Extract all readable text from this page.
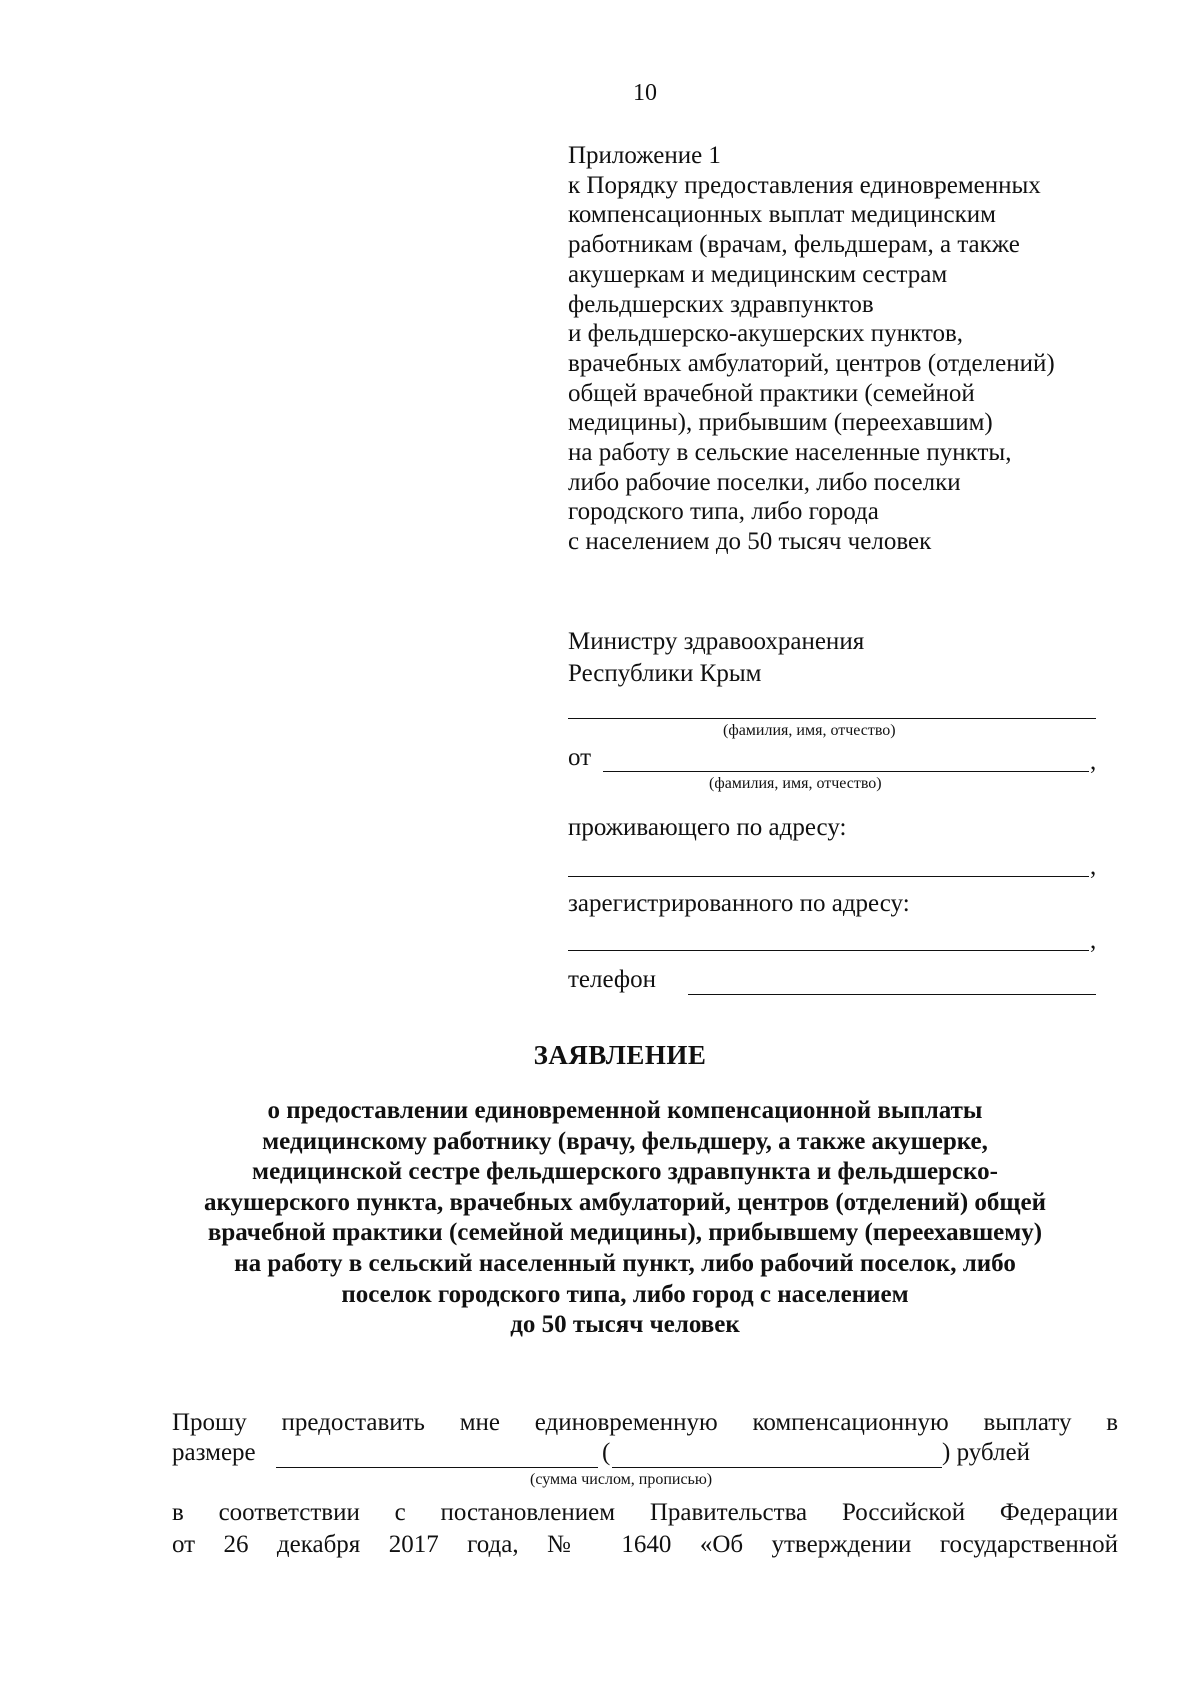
10
Приложение 1
к Порядку предоставления единовременных
компенсационных выплат медицинским
работникам (врачам, фельдшерам, а также
акушеркам и медицинским сестрам
фельдшерских здравпунктов
и фельдшерско-акушерских пунктов,
врачебных амбулаторий, центров (отделений)
общей врачебной практики (семейной
медицины), прибывшим (переехавшим)
на работу в сельские населенные пункты,
либо рабочие поселки, либо поселки
городского типа, либо города
с населением до 50 тысяч человек
Министру здравоохранения
Республики Крым
(фамилия, имя, отчество)
от	,
(фамилия, имя, отчество)
проживающего по адресу:
,
зарегистрированного по адресу:
,
телефон
ЗАЯВЛЕНИЕ
о предоставлении единовременной компенсационной выплаты
медицинскому работнику (врачу, фельдшеру, а также акушерке,
медицинской сестре фельдшерского здравпункта и фельдшерско-
акушерского пункта, врачебных амбулаторий, центров (отделений) общей
врачебной практики (семейной медицины), прибывшему (переехавшему)
на работу в сельский населенный пункт, либо рабочий поселок, либо
поселок городского типа, либо город с населением
до 50 тысяч человек
Прошу предоставить мне единовременную компенсационную выплату в
размере	(	) рублей
(сумма числом, прописью)
в соответствии с постановлением Правительства Российской Федерации
от 26 декабря 2017 года, № 1640 «Об утверждении государственной
